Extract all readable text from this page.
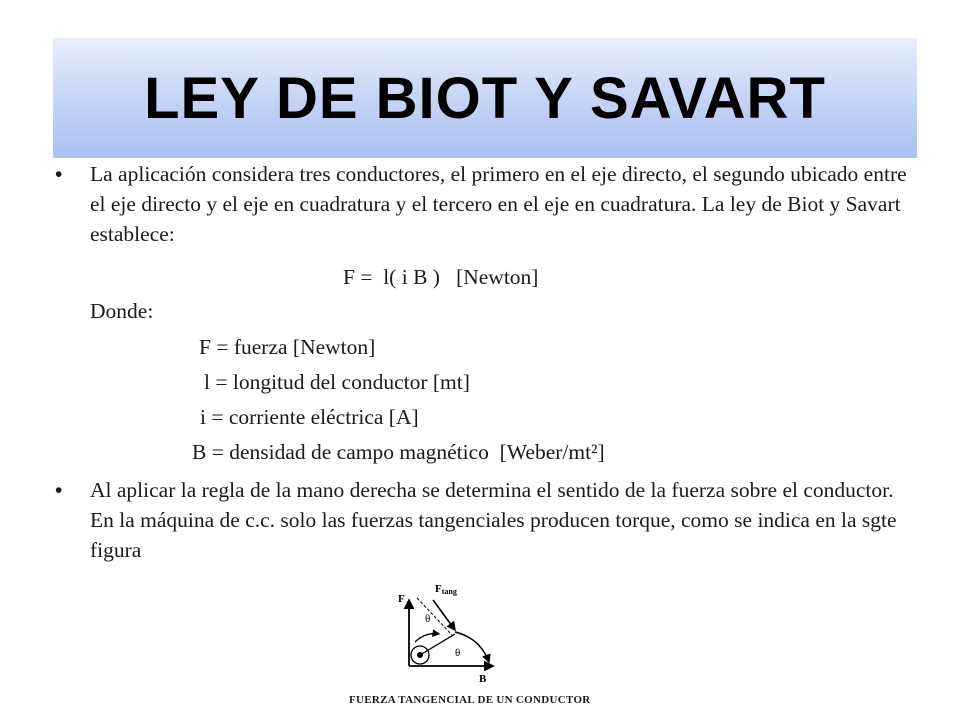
LEY DE BIOT Y SAVART
• La aplicación considera tres conductores, el primero en el eje directo, el segundo ubicado entre el eje directo y el eje en cuadratura y el tercero en el eje en cuadratura. La ley de Biot y Savart establece:
F =  l( i B )   [Newton]
Donde:
F = fuerza [Newton]
l = longitud del conductor [mt]
i = corriente eléctrica [A]
B = densidad de campo magnético  [Weber/mt²]
• Al aplicar la regla de la mano derecha se determina el sentido de la fuerza sobre el conductor. En la máquina de c.c. solo las fuerzas tangenciales producen torque, como se indica en la sgte figura
F
Ftang
θ
θ
B
FUERZA TANGENCIAL DE UN CONDUCTOR
